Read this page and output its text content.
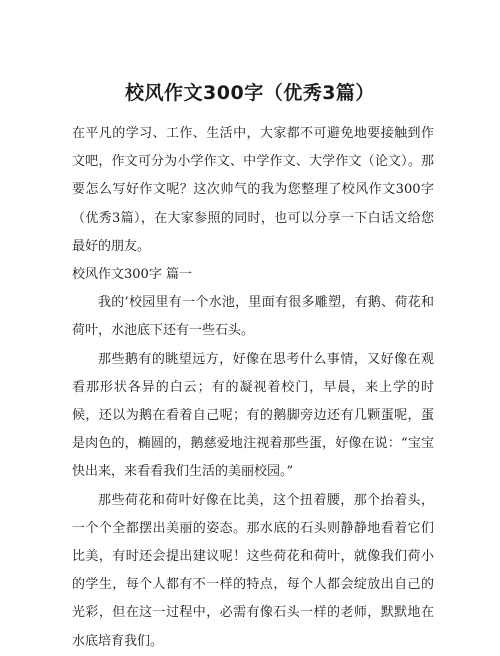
校风作文300字（优秀3篇）

在平凡的学习、工作、生活中，大家都不可避免地要接触到作文吧，作文可分为小学作文、中学作文、大学作文（论文）。那要怎么写好作文呢？这次帅气的我为您整理了校风作文300字（优秀3篇），在大家参照的同时，也可以分享一下白话文给您最好的朋友。

校风作文300字 篇一

我的’校园里有一个水池，里面有很多雕塑，有鹅、荷花和荷叶，水池底下还有一些石头。

那些鹅有的眺望远方，好像在思考什么事情，又好像在观看那形状各异的白云；有的凝视着校门，早晨，来上学的时候，还以为鹅在看着自己呢；有的鹅脚旁边还有几颗蛋呢，蛋是肉色的，椭圆的，鹅慈爱地注视着那些蛋，好像在说：“宝宝快出来，来看看我们生活的美丽校园。”

那些荷花和荷叶好像在比美，这个扭着腰，那个抬着头，一个个全都摆出美丽的姿态。那水底的石头则静静地看着它们比美，有时还会提出建议呢！这些荷花和荷叶，就像我们荷小的学生，每个人都有不一样的特点，每个人都会绽放出自己的光彩，但在这一过程中，必需有像石头一样的老师，默默地在水底培育我们。
